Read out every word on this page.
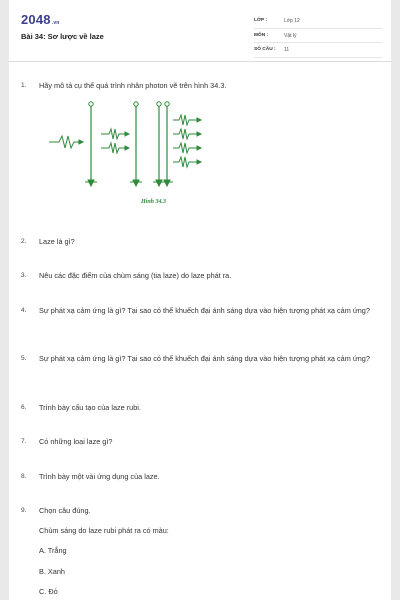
2048.vn
Bài 34: Sơ lược về laze
LỚP :	Lớp 12
MÔN :	Vật lý
SỐ CÂU : 11
1.	Hãy mô tả cụ thể quá trình nhân photon vẽ trên hình 34.3.
Hình 34.3
2.	Laze là gì?
3.	Nêu các đặc điểm của chùm sáng (tia laze) do laze phát ra.
4.	Sự phát xạ cảm ứng là gì? Tại sao có thể khuếch đại ánh sáng dựa vào hiện tượng phát xạ cảm ứng?
5.	Sự phát xạ cảm ứng là gì? Tại sao có thể khuếch đại ánh sáng dựa vào hiện tượng phát xạ cảm ứng?
6.	Trình bày cấu tạo của laze rubi.
7.	Có những loại laze gì?
8.	Trình bày một vài ứng dụng của laze.
9.	Chọn câu đúng.
Chùm sáng do laze rubi phát ra có màu:
A. Trắng
B. Xanh
C. Đỏ
